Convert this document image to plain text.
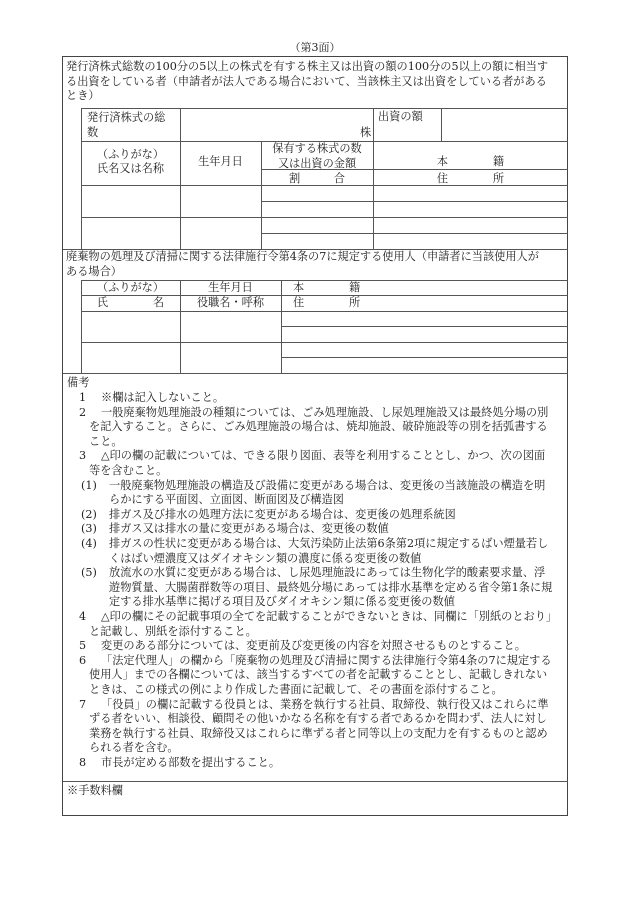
（第3面）
発行済株式総数の100分の5以上の株式を有する株主又は出資の額の100分の5以上の額に相当す
る出資をしている者（申請者が法人である場合において、当該株主又は出資をしている者がある
とき）
発行済株式の総
数	株
出資の額
（ふりがな）
氏名又は名称
生年月日
保有する株式の数
又は出資の金額
割　　　合
本　　　　籍
住　　　　所
廃棄物の処理及び清掃に関する法律施行令第4条の7に規定する使用人（申請者に当該使用人が
ある場合）
（ふりがな）
氏　　　　名
生年月日
役職名・呼称
本　　　　籍
住　　　　所
備考
1 ※欄は記入しないこと。
2 一般廃棄物処理施設の種類については、ごみ処理施設、し尿処理施設又は最終処分場の別
を記入すること。さらに、ごみ処理施設の場合は、焼却施設、破砕施設等の別を括弧書する
こと。
3 △印の欄の記載については、できる限り図面、表等を利用することとし、かつ、次の図面
等を含むこと。
(1) 一般廃棄物処理施設の構造及び設備に変更がある場合は、変更後の当該施設の構造を明
らかにする平面図、立面図、断面図及び構造図
(2) 排ガス及び排水の処理方法に変更がある場合は、変更後の処理系統図
(3) 排ガス又は排水の量に変更がある場合は、変更後の数値
(4) 排ガスの性状に変更がある場合は、大気汚染防止法第6条第2項に規定するばい煙量若し
くはばい煙濃度又はダイオキシン類の濃度に係る変更後の数値
(5) 放流水の水質に変更がある場合は、し尿処理施設にあっては生物化学的酸素要求量、浮
遊物質量、大腸菌群数等の項目、最終処分場にあっては排水基準を定める省令第1条に規
定する排水基準に掲げる項目及びダイオキシン類に係る変更後の数値
4 △印の欄にその記載事項の全てを記載することができないときは、同欄に「別紙のとおり」
と記載し、別紙を添付すること。
5 変更のある部分については、変更前及び変更後の内容を対照させるものとすること。
6 「法定代理人」の欄から「廃棄物の処理及び清掃に関する法律施行令第4条の7に規定する
使用人」までの各欄については、該当するすべての者を記載することとし、記載しきれない
ときは、この様式の例により作成した書面に記載して、その書面を添付すること。
7 「役員」の欄に記載する役員とは、業務を執行する社員、取締役、執行役又はこれらに準
ずる者をいい、相談役、顧問その他いかなる名称を有する者であるかを問わず、法人に対し
業務を執行する社員、取締役又はこれらに準ずる者と同等以上の支配力を有するものと認め
られる者を含む。
8 市長が定める部数を提出すること。
※手数料欄
